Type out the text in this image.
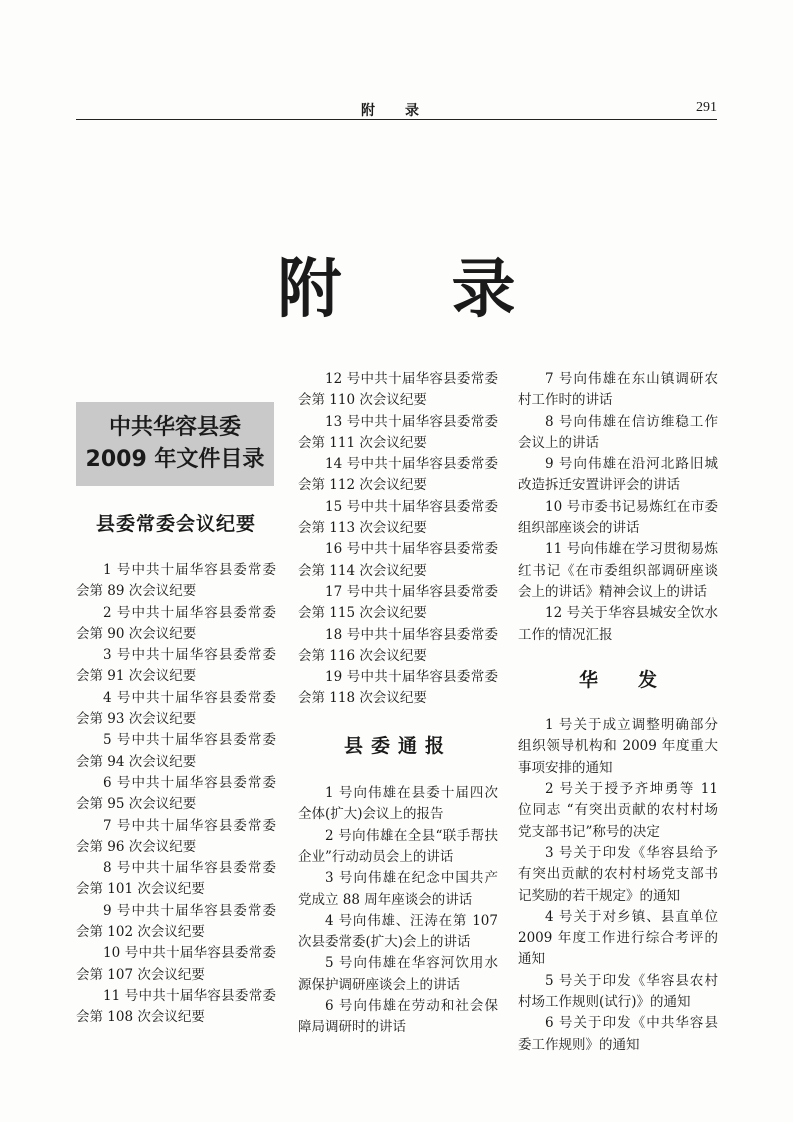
附录	291
附录
中共华容县委
2009 年文件目录
县委常委会议纪要

1 号中共十届华容县委常委会第 89 次会议纪要

2 号中共十届华容县委常委会第 90 次会议纪要

3 号中共十届华容县委常委会第 91 次会议纪要

4 号中共十届华容县委常委会第 93 次会议纪要

5 号中共十届华容县委常委会第 94 次会议纪要

6 号中共十届华容县委常委会第 95 次会议纪要

7 号中共十届华容县委常委会第 96 次会议纪要

8 号中共十届华容县委常委会第 101 次会议纪要

9 号中共十届华容县委常委会第 102 次会议纪要

10 号中共十届华容县委常委会第 107 次会议纪要

11 号中共十届华容县委常委会第 108 次会议纪要

12 号中共十届华容县委常委会第 110 次会议纪要

13 号中共十届华容县委常委会第 111 次会议纪要

14 号中共十届华容县委常委会第 112 次会议纪要

15 号中共十届华容县委常委会第 113 次会议纪要

16 号中共十届华容县委常委会第 114 次会议纪要

17 号中共十届华容县委常委会第 115 次会议纪要

18 号中共十届华容县委常委会第 116 次会议纪要

19 号中共十届华容县委常委会第 118 次会议纪要

县委通报

1 号向伟雄在县委十届四次全体(扩大)会议上的报告

2 号向伟雄在全县“联手帮扶企业”行动动员会上的讲话

3 号向伟雄在纪念中国共产党成立 88 周年座谈会的讲话

4 号向伟雄、汪涛在第 107 次县委常委(扩大)会上的讲话

5 号向伟雄在华容河饮用水源保护调研座谈会上的讲话

6 号向伟雄在劳动和社会保障局调研时的讲话

7 号向伟雄在东山镇调研农村工作时的讲话

8 号向伟雄在信访维稳工作会议上的讲话

9 号向伟雄在沿河北路旧城改造拆迁安置讲评会的讲话

10 号市委书记易炼红在市委组织部座谈会的讲话

11 号向伟雄在学习贯彻易炼红书记《在市委组织部调研座谈会上的讲话》精神会议上的讲话

12 号关于华容县城安全饮水工作的情况汇报

华发

1 号关于成立调整明确部分组织领导机构和 2009 年度重大事项安排的通知

2 号关于授予齐坤勇等 11 位同志 “有突出贡献的农村村场党支部书记”称号的决定

3 号关于印发《华容县给予有突出贡献的农村村场党支部书记奖励的若干规定》的通知

4 号关于对乡镇、县直单位 2009 年度工作进行综合考评的通知

5 号关于印发《华容县农村村场工作规则(试行)》的通知

6 号关于印发《中共华容县委工作规则》的通知
